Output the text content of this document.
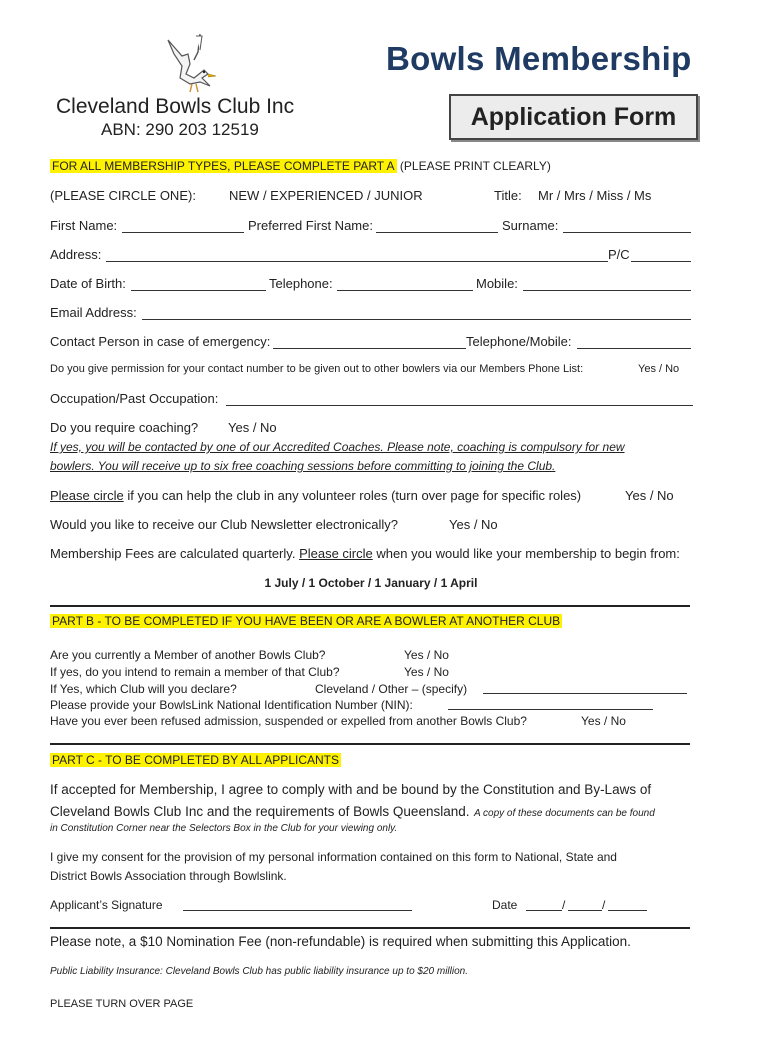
Cleveland Bowls Club Inc
ABN: 290 203 12519
Bowls Membership
Application Form
FOR ALL MEMBERSHIP TYPES, PLEASE COMPLETE PART A (PLEASE PRINT CLEARLY)
(PLEASE CIRCLE ONE):	NEW / EXPERIENCED / JUNIOR	Title: Mr / Mrs / Miss / Ms
First Name:	Preferred First Name:	Surname:
Address:	P/C
Date of Birth:	Telephone:	Mobile:
Email Address:
Contact Person in case of emergency:	Telephone/Mobile:
Do you give permission for your contact number to be given out to other bowlers via our Members Phone List:	Yes / No
Occupation/Past Occupation:
Do you require coaching? Yes / No
If yes, you will be contacted by one of our Accredited Coaches. Please note, coaching is compulsory for new
bowlers. You will receive up to six free coaching sessions before committing to joining the Club.
Please circle if you can help the club in any volunteer roles (turn over page for specific roles)	Yes / No
Would you like to receive our Club Newsletter electronically?	Yes / No
Membership Fees are calculated quarterly. Please circle when you would like your membership to begin from:
1 July / 1 October / 1 January / 1 April
PART B - TO BE COMPLETED IF YOU HAVE BEEN OR ARE A BOWLER AT ANOTHER CLUB
Are you currently a Member of another Bowls Club?	Yes / No
If yes, do you intend to remain a member of that Club?	Yes / No
If Yes, which Club will you declare?	Cleveland / Other – (specify)
Please provide your BowlsLink National Identification Number (NIN):
Have you ever been refused admission, suspended or expelled from another Bowls Club?	Yes / No
PART C - TO BE COMPLETED BY ALL APPLICANTS
If accepted for Membership, I agree to comply with and be bound by the Constitution and By-Laws of
Cleveland Bowls Club Inc and the requirements of Bowls Queensland. A copy of these documents can be found
in Constitution Corner near the Selectors Box in the Club for your viewing only.
I give my consent for the provision of my personal information contained on this form to National, State and
District Bowls Association through Bowlslink.
Applicant’s Signature	Date	/	/
Please note, a $10 Nomination Fee (non-refundable) is required when submitting this Application.
Public Liability Insurance: Cleveland Bowls Club has public liability insurance up to $20 million.
PLEASE TURN OVER PAGE
